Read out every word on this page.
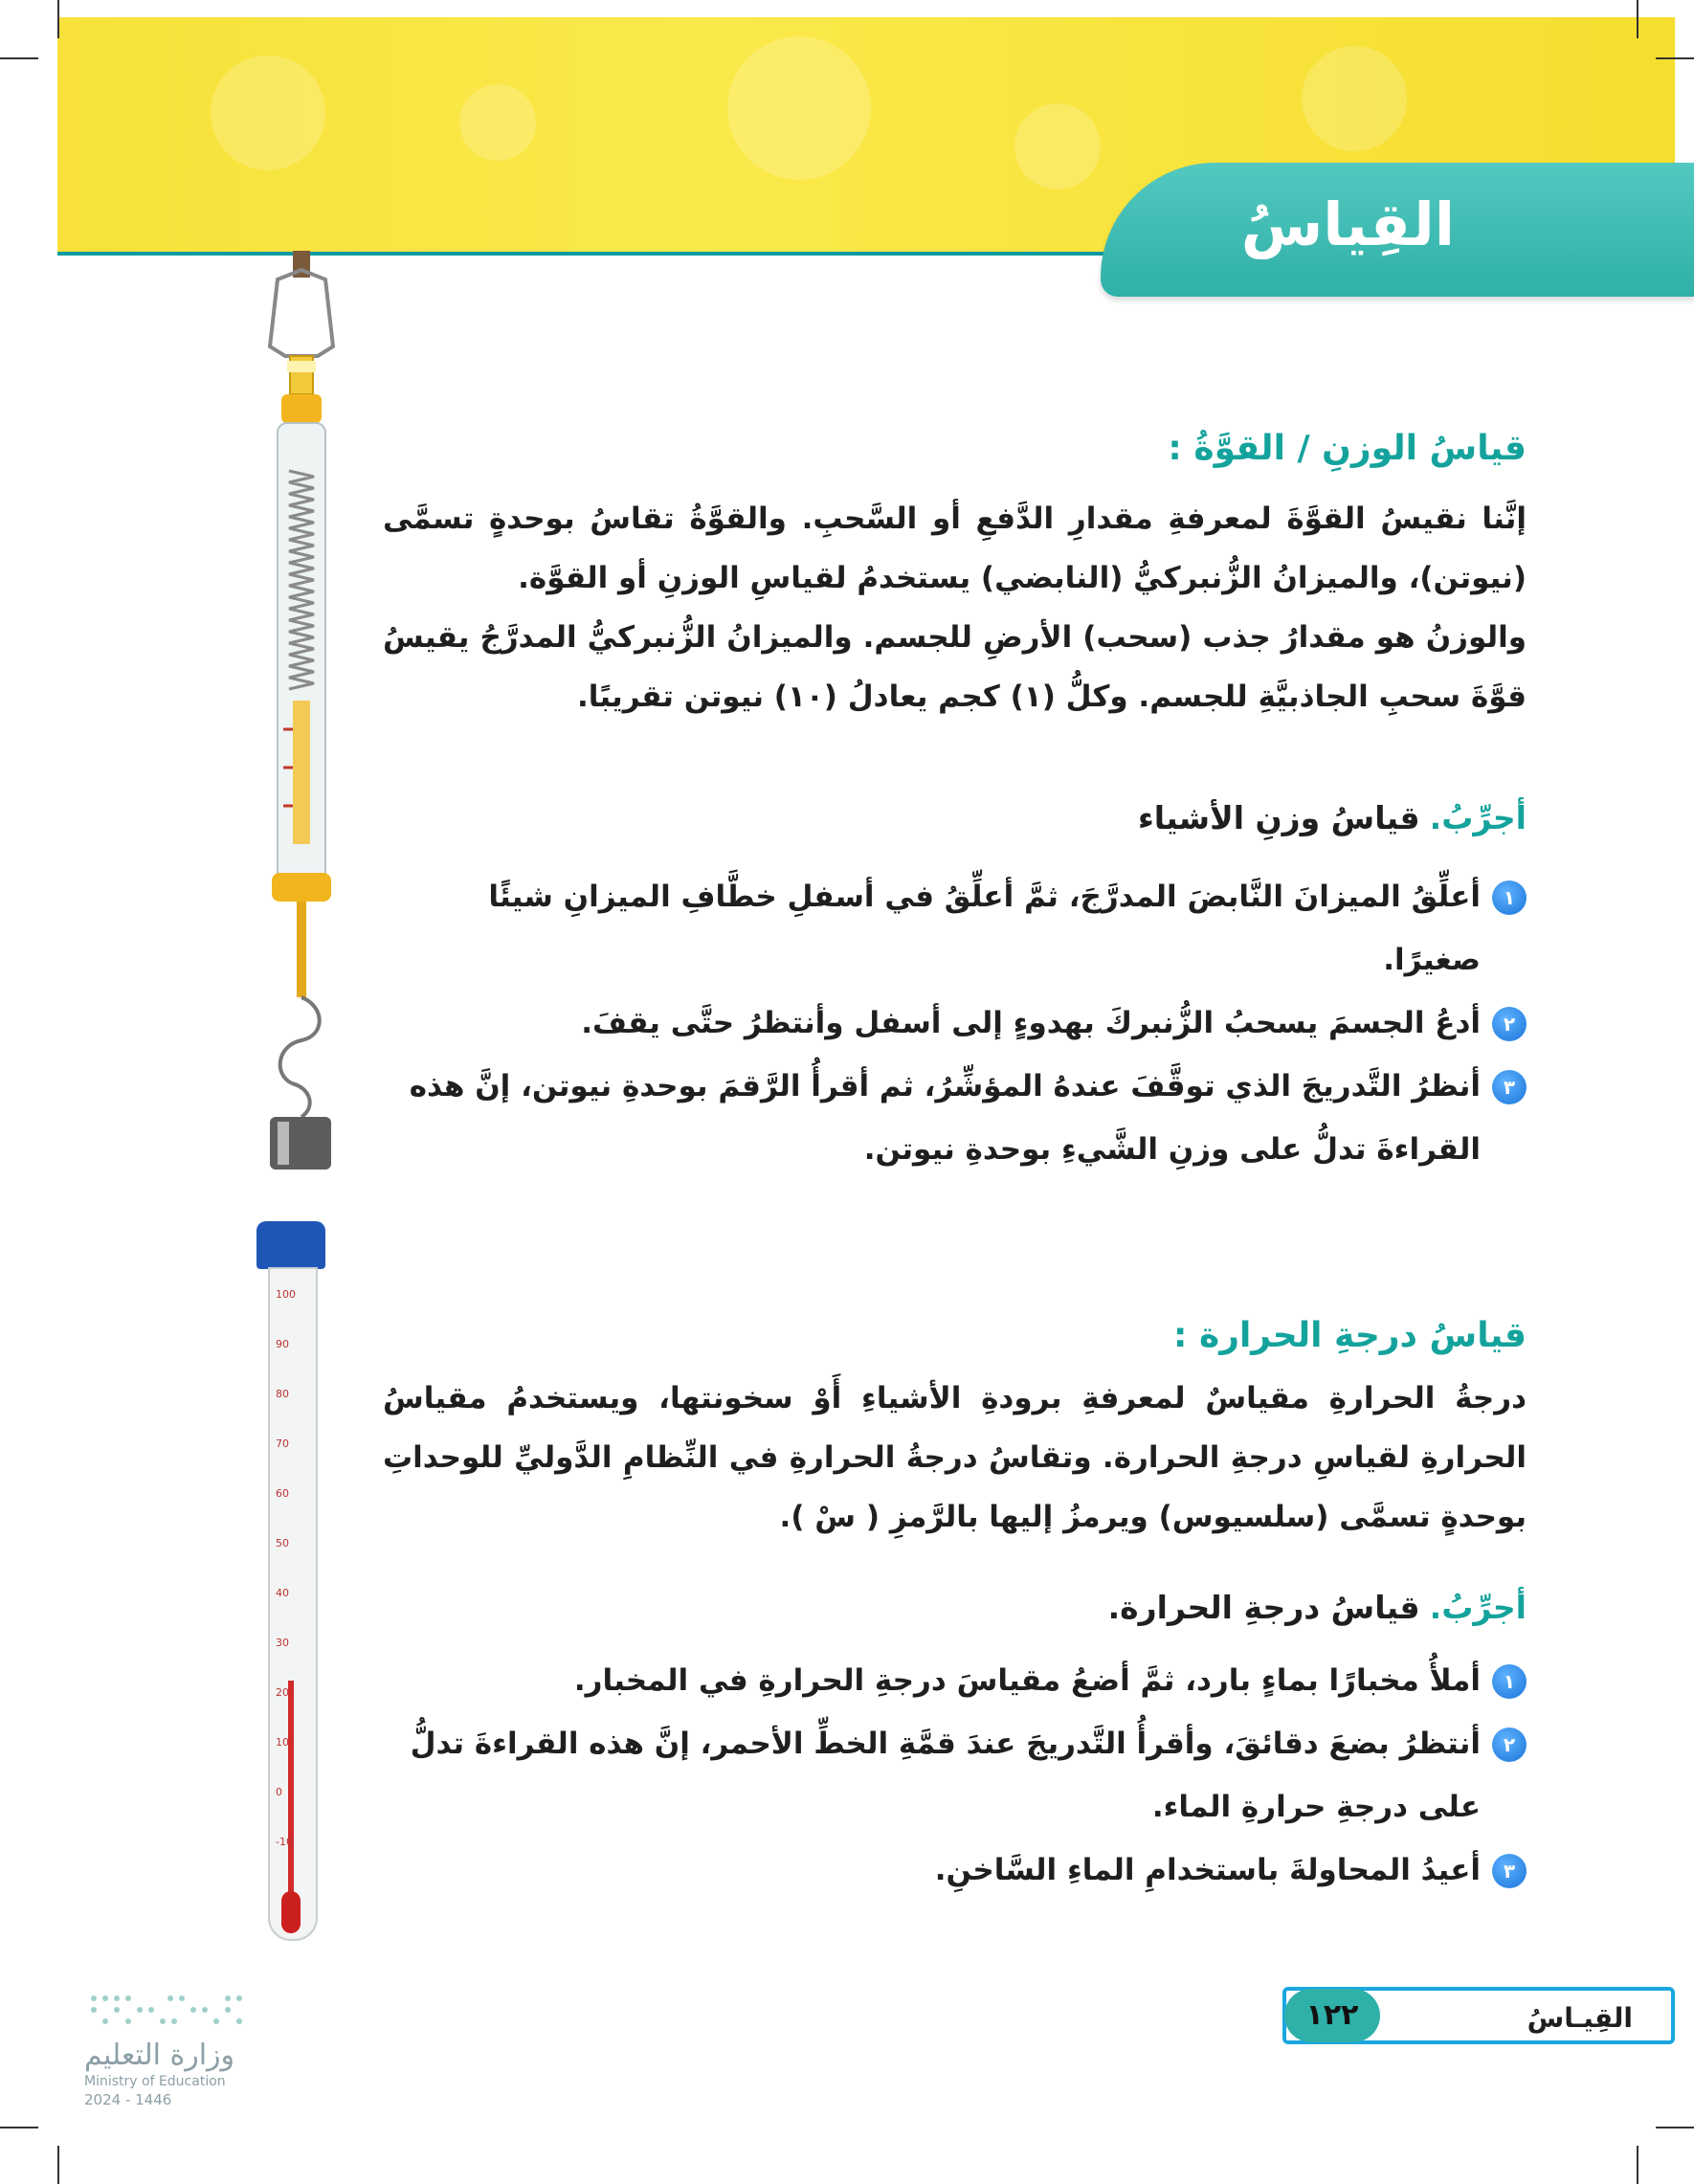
القِياسُ
100
90
80
70
60
50
40
30
20
10
0
-10
قياسُ الوزنِ / القوَّةُ :
إنَّنا نقيسُ القوَّةَ لمعرفةِ مقدارِ الدَّفعِ أو السَّحبِ. والقوَّةُ تقاسُ بوحدةٍ تسمَّى (نيوتن)، والميزانُ الزُّنبركيُّ (النابضي) يستخدمُ لقياسِ الوزنِ أو القوَّة.
والوزنُ هو مقدارُ جذب (سحب) الأرضِ للجسم. والميزانُ الزُّنبركيُّ المدرَّجُ يقيسُ قوَّةَ سحبِ الجاذبيَّةِ للجسم. وكلُّ (١) كجم يعادلُ (١٠) نيوتن تقريبًا.
أجرِّبُ.قياسُ وزنِ الأشياء
١
أعلِّقُ الميزانَ النَّابضَ المدرَّجَ، ثمَّ أعلِّقُ في أسفلِ خطَّافِ الميزانِ شيئًا صغيرًا.
٢
أدعُ الجسمَ يسحبُ الزُّنبركَ بهدوءٍ إلى أسفل وأنتظرُ حتَّى يقفَ.
٣
أنظرُ التَّدريجَ الذي توقَّفَ عندهُ المؤشِّرُ، ثم أقرأُ الرَّقمَ بوحدةِ نيوتن، إنَّ هذه القراءةَ تدلُّ على وزنِ الشَّيءِ بوحدةِ نيوتن.
قياسُ درجةِ الحرارة :
درجةُ الحرارةِ مقياسٌ لمعرفةِ برودةِ الأشياءِ أَوْ سخونتها، ويستخدمُ مقياسُ الحرارةِ لقياسِ درجةِ الحرارة. وتقاسُ درجةُ الحرارةِ في النِّظامِ الدَّوليِّ للوحداتِ بوحدةٍ تسمَّى (سلسيوس) ويرمزُ إليها بالرَّمزِ ( سْ ).
أجرِّبُ.قياسُ درجةِ الحرارة.
١
أملأُ مخبارًا بماءٍ بارد، ثمَّ أضعُ مقياسَ درجةِ الحرارةِ في المخبار.
٢
أنتظرُ بضعَ دقائقَ، وأقرأُ التَّدريجَ عندَ قمَّةِ الخطِّ الأحمر، إنَّ هذه القراءةَ تدلُّ على درجةِ حرارةِ الماء.
٣
أعيدُ المحاولةَ باستخدامِ الماءِ السَّاخنِ.
القِيـاسُ
١٢٢
وزارة التعليم
Ministry of Education
2024 - 1446
